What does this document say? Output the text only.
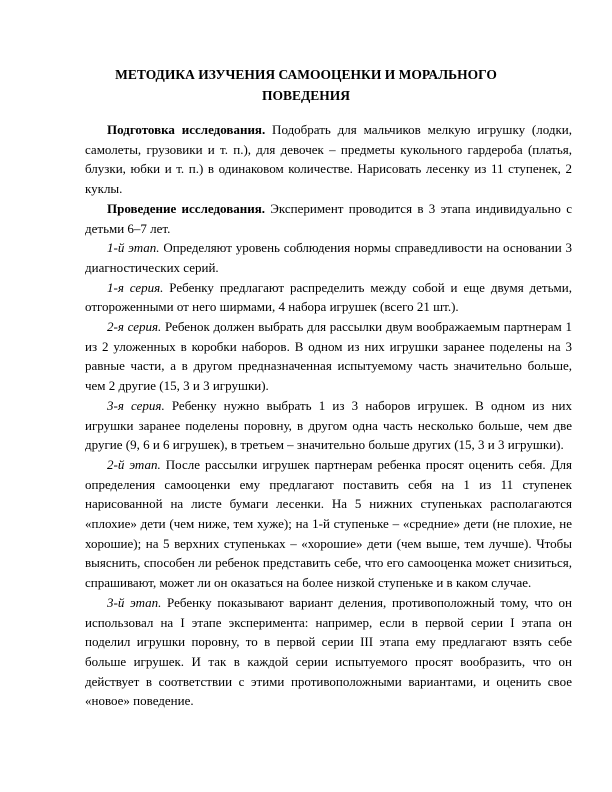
МЕТОДИКА ИЗУЧЕНИЯ САМООЦЕНКИ И МОРАЛЬНОГО ПОВЕДЕНИЯ

Подготовка исследования. Подобрать для мальчиков мелкую игрушку (лодки, самолеты, грузовики и т. п.), для девочек – предметы кукольного гардероба (платья, блузки, юбки и т. п.) в одинаковом количестве. Нарисовать лесенку из 11 ступенек, 2 куклы.

Проведение исследования. Эксперимент проводится в 3 этапа индивидуально с детьми 6–7 лет.

1-й этап. Определяют уровень соблюдения нормы справедливости на основании 3 диагностических серий.

1-я серия. Ребенку предлагают распределить между собой и еще двумя детьми, отгороженными от него ширмами, 4 набора игрушек (всего 21 шт.).

2-я серия. Ребенок должен выбрать для рассылки двум воображаемым партнерам 1 из 2 уложенных в коробки наборов. В одном из них игрушки заранее поделены на 3 равные части, а в другом предназначенная испытуемому часть значительно больше, чем 2 другие (15, 3 и 3 игрушки).

3-я серия. Ребенку нужно выбрать 1 из 3 наборов игрушек. В одном из них игрушки заранее поделены поровну, в другом одна часть несколько больше, чем две другие (9, 6 и 6 игрушек), в третьем – значительно больше других (15, 3 и 3 игрушки).

2-й этап. После рассылки игрушек партнерам ребенка просят оценить себя. Для определения самооценки ему предлагают поставить себя на 1 из 11 ступенек нарисованной на листе бумаги лесенки. На 5 нижних ступеньках располагаются «плохие» дети (чем ниже, тем хуже); на 1-й ступеньке – «средние» дети (не плохие, не хорошие); на 5 верхних ступеньках – «хорошие» дети (чем выше, тем лучше). Чтобы выяснить, способен ли ребенок представить себе, что его самооценка может снизиться, спрашивают, может ли он оказаться на более низкой ступеньке и в каком случае.

3-й этап. Ребенку показывают вариант деления, противоположный тому, что он использовал на I этапе эксперимента: например, если в первой серии I этапа он поделил игрушки поровну, то в первой серии III этапа ему предлагают взять себе больше игрушек. И так в каждой серии испытуемого просят вообразить, что он действует в соответствии с этими противоположными вариантами, и оценить свое «новое» поведение.
